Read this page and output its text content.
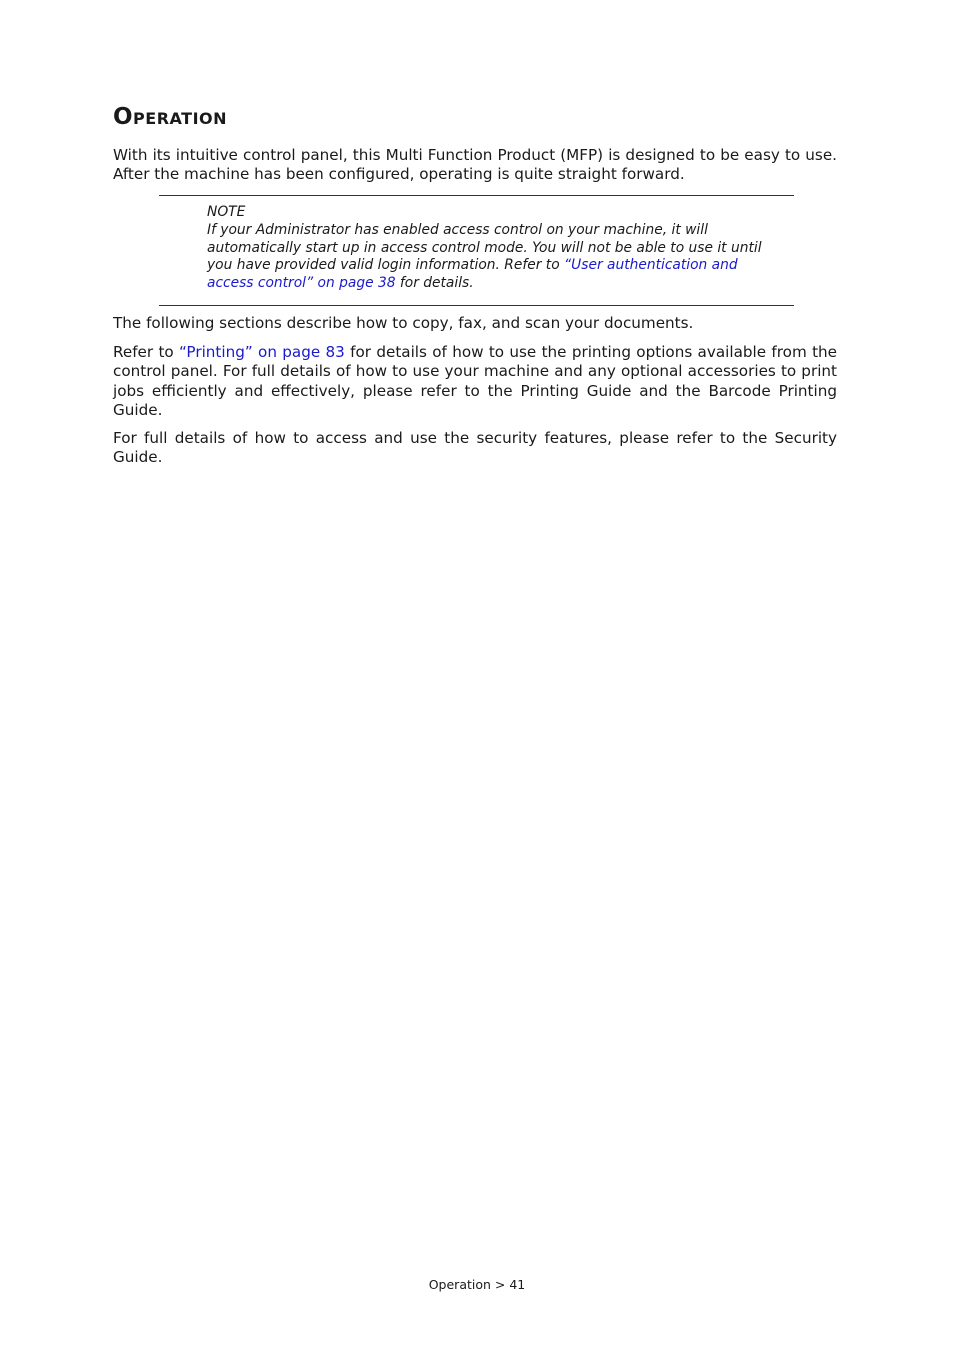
Operation

With its intuitive control panel, this Multi Function Product (MFP) is designed to be easy to use. After the machine has been configured, operating is quite straight forward.

NOTE
If your Administrator has enabled access control on your machine, it will automatically start up in access control mode. You will not be able to use it until you have provided valid login information. Refer to “User authentication and access control” on page 38 for details.

The following sections describe how to copy, fax, and scan your documents.

Refer to “Printing” on page 83 for details of how to use the printing options available from the control panel. For full details of how to use your machine and any optional accessories to print jobs efficiently and effectively, please refer to the Printing Guide and the Barcode Printing Guide.

For full details of how to access and use the security features, please refer to the Security Guide.

Operation > 41
